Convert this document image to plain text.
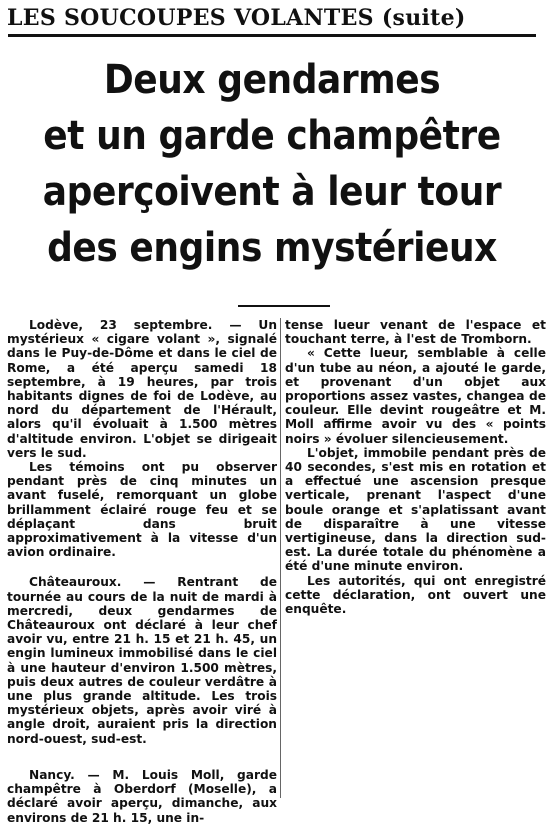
LES SOUCOUPES VOLANTES (suite)
Deux gendarmes
et un garde champêtre
aperçoivent à leur tour
des engins mystérieux

Lodève, 23 septembre. — Un mystérieux « cigare volant », signalé dans le Puy-de-Dôme et dans le ciel de Rome, a été aperçu samedi 18 septembre, à 19 heures, par trois habitants dignes de foi de Lodève, au nord du département de l'Hérault, alors qu'il évoluait à 1.500 mètres d'altitude environ. L'objet se dirigeait vers le sud.

Les témoins ont pu observer pendant près de cinq minutes un avant fuselé, remorquant un globe brillamment éclairé rouge feu et se déplaçant dans bruit approximativement à la vitesse d'un avion ordinaire.

Châteauroux. — Rentrant de tournée au cours de la nuit de mardi à mercredi, deux gendarmes de Châteauroux ont déclaré à leur chef avoir vu, entre 21 h. 15 et 21 h. 45, un engin lumineux immobilisé dans le ciel à une hauteur d'environ 1.500 mètres, puis deux autres de couleur verdâtre à une plus grande altitude. Les trois mystérieux objets, après avoir viré à angle droit, auraient pris la direction nord-ouest, sud-est.

Nancy. — M. Louis Moll, garde champêtre à Oberdorf (Moselle), a déclaré avoir aperçu, dimanche, aux environs de 21 h. 15, une in-

tense lueur venant de l'espace et touchant terre, à l'est de Tromborn.

« Cette lueur, semblable à celle d'un tube au néon, a ajouté le garde, et provenant d'un objet aux proportions assez vastes, changea de couleur. Elle devint rougeâtre et M. Moll affirme avoir vu des « points noirs » évoluer silencieusement.

L'objet, immobile pendant près de 40 secondes, s'est mis en rotation et a effectué une ascension presque verticale, prenant l'aspect d'une boule orange et s'aplatissant avant de disparaître à une vitesse vertigineuse, dans la direction sud-est. La durée totale du phénomène a été d'une minute environ.

Les autorités, qui ont enregistré cette déclaration, ont ouvert une enquête.
